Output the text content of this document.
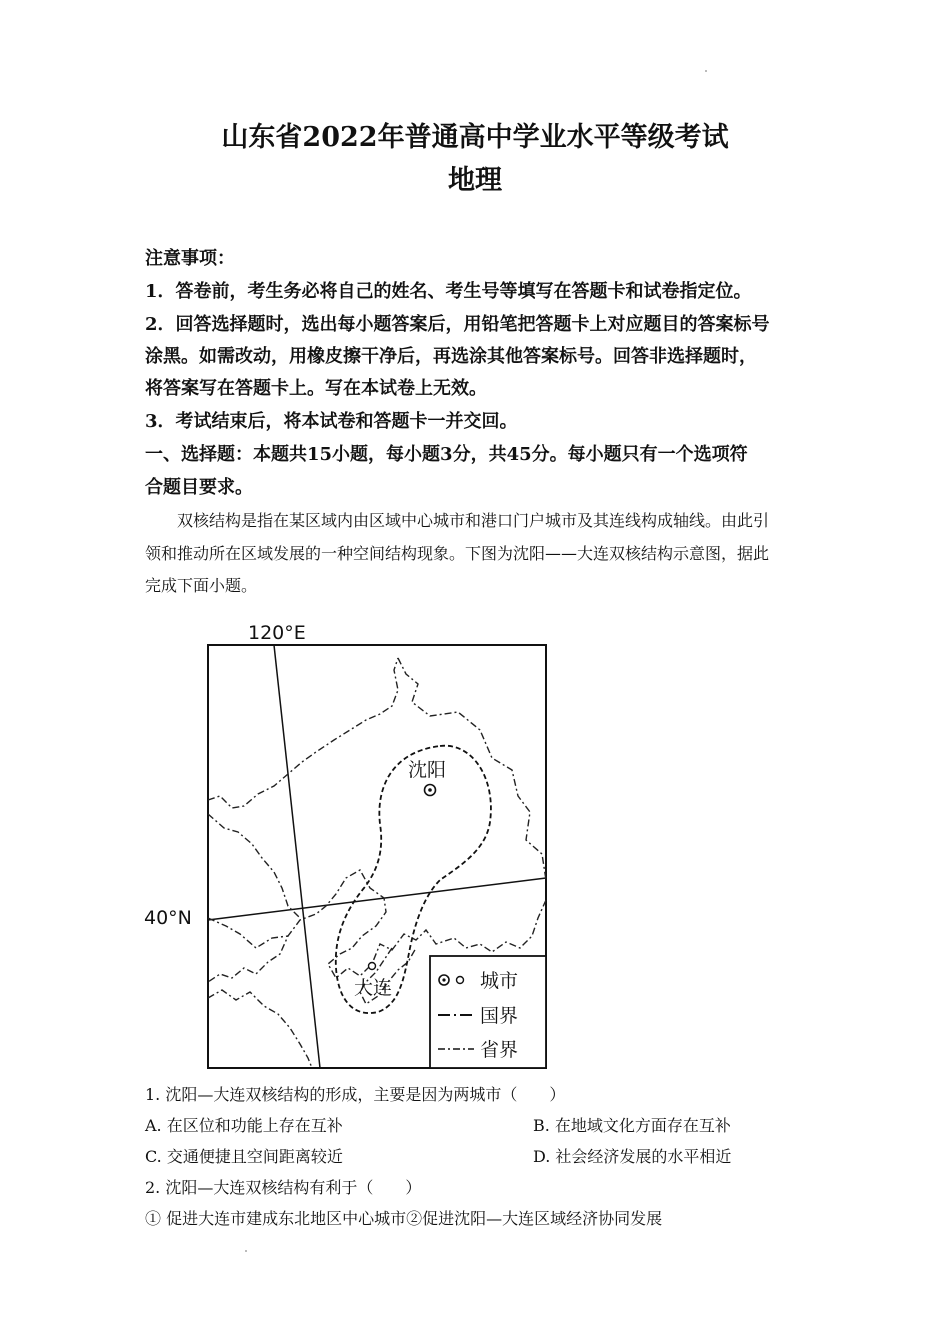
山东省2022年普通高中学业水平等级考试
地理
注意事项：
1．答卷前，考生务必将自己的姓名、考生号等填写在答题卡和试卷指定位。
2．回答选择题时，选出每小题答案后，用铅笔把答题卡上对应题目的答案标号
涂黑。如需改动，用橡皮擦干净后，再选涂其他答案标号。回答非选择题时，
将答案写在答题卡上。写在本试卷上无效。
3．考试结束后，将本试卷和答题卡一并交回。
一、选择题：本题共15小题，每小题3分，共45分。每小题只有一个选项符
合题目要求。
双核结构是指在某区域内由区域中心城市和港口门户城市及其连线构成轴线。由此引
领和推动所在区域发展的一种空间结构现象。下图为沈阳——大连双核结构示意图，据此
完成下面小题。
120°E
40°N
沈阳
大连	城市
国界
省界
1. 沈阳—大连双核结构的形成，主要是因为两城市（　　）
A. 在区位和功能上存在互补	B. 在地域文化方面存在互补
C. 交通便捷且空间距离较近	D. 社会经济发展的水平相近
2. 沈阳—大连双核结构有利于（　　）
① 促进大连市建成东北地区中心城市②促进沈阳—大连区域经济协同发展
